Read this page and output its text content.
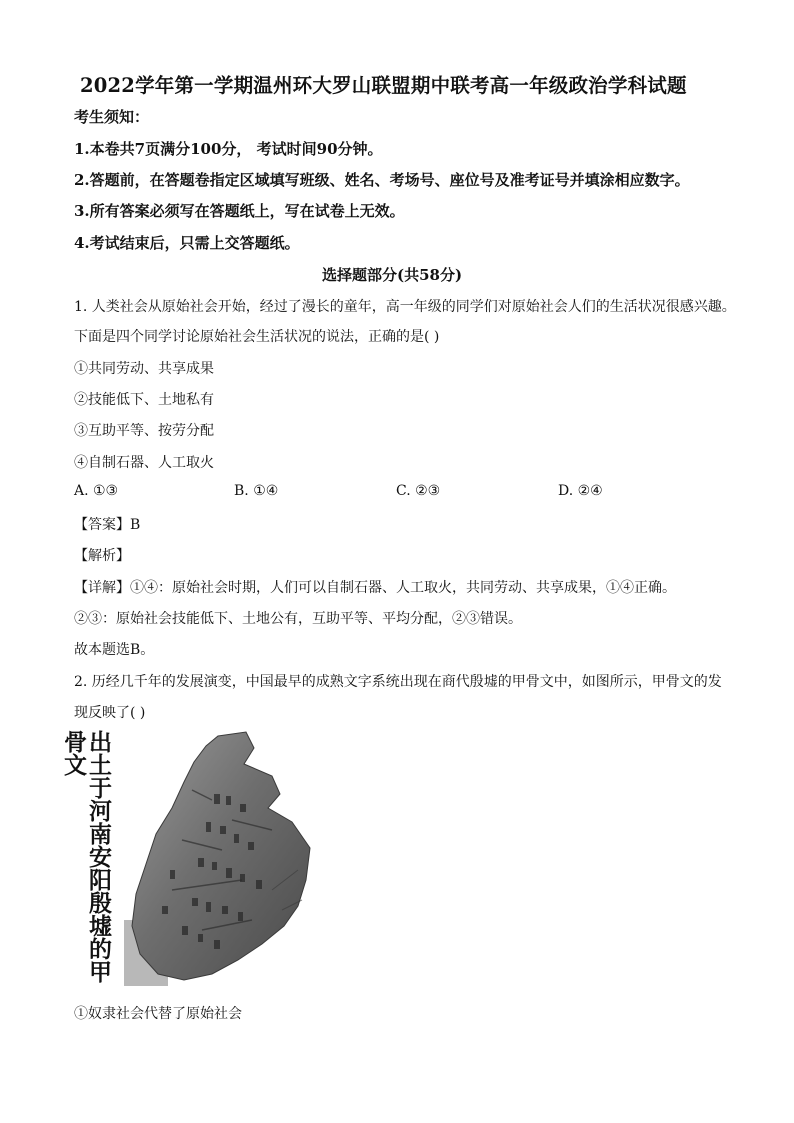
2022学年第一学期温州环大罗山联盟期中联考高一年级政治学科试题
考生须知：
1.本卷共7页满分100分， 考试时间90分钟。
2.答题前，在答题卷指定区域填写班级、姓名、考场号、座位号及准考证号并填涂相应数字。
3.所有答案必须写在答题纸上，写在试卷上无效。
4.考试结束后，只需上交答题纸。
选择题部分(共58分)
1. 人类社会从原始社会开始，经过了漫长的童年，高一年级的同学们对原始社会人们的生活状况很感兴趣。
下面是四个同学讨论原始社会生活状况的说法，正确的是( )
①共同劳动、共享成果
②技能低下、土地私有
③互助平等、按劳分配
④自制石器、人工取火
A. ①③	B. ①④	C. ②③	D. ②④
【答案】B
【解析】
【详解】①④：原始社会时期，人们可以自制石器、人工取火，共同劳动、共享成果，①④正确。
②③：原始社会技能低下、土地公有，互助平等、平均分配，②③错误。
故本题选B。
2. 历经几千年的发展演变，中国最早的成熟文字系统出现在商代殷墟的甲骨文中，如图所示，甲骨文的发
现反映了( )
出土于河南安阳殷墟的甲骨文
①奴隶社会代替了原始社会
